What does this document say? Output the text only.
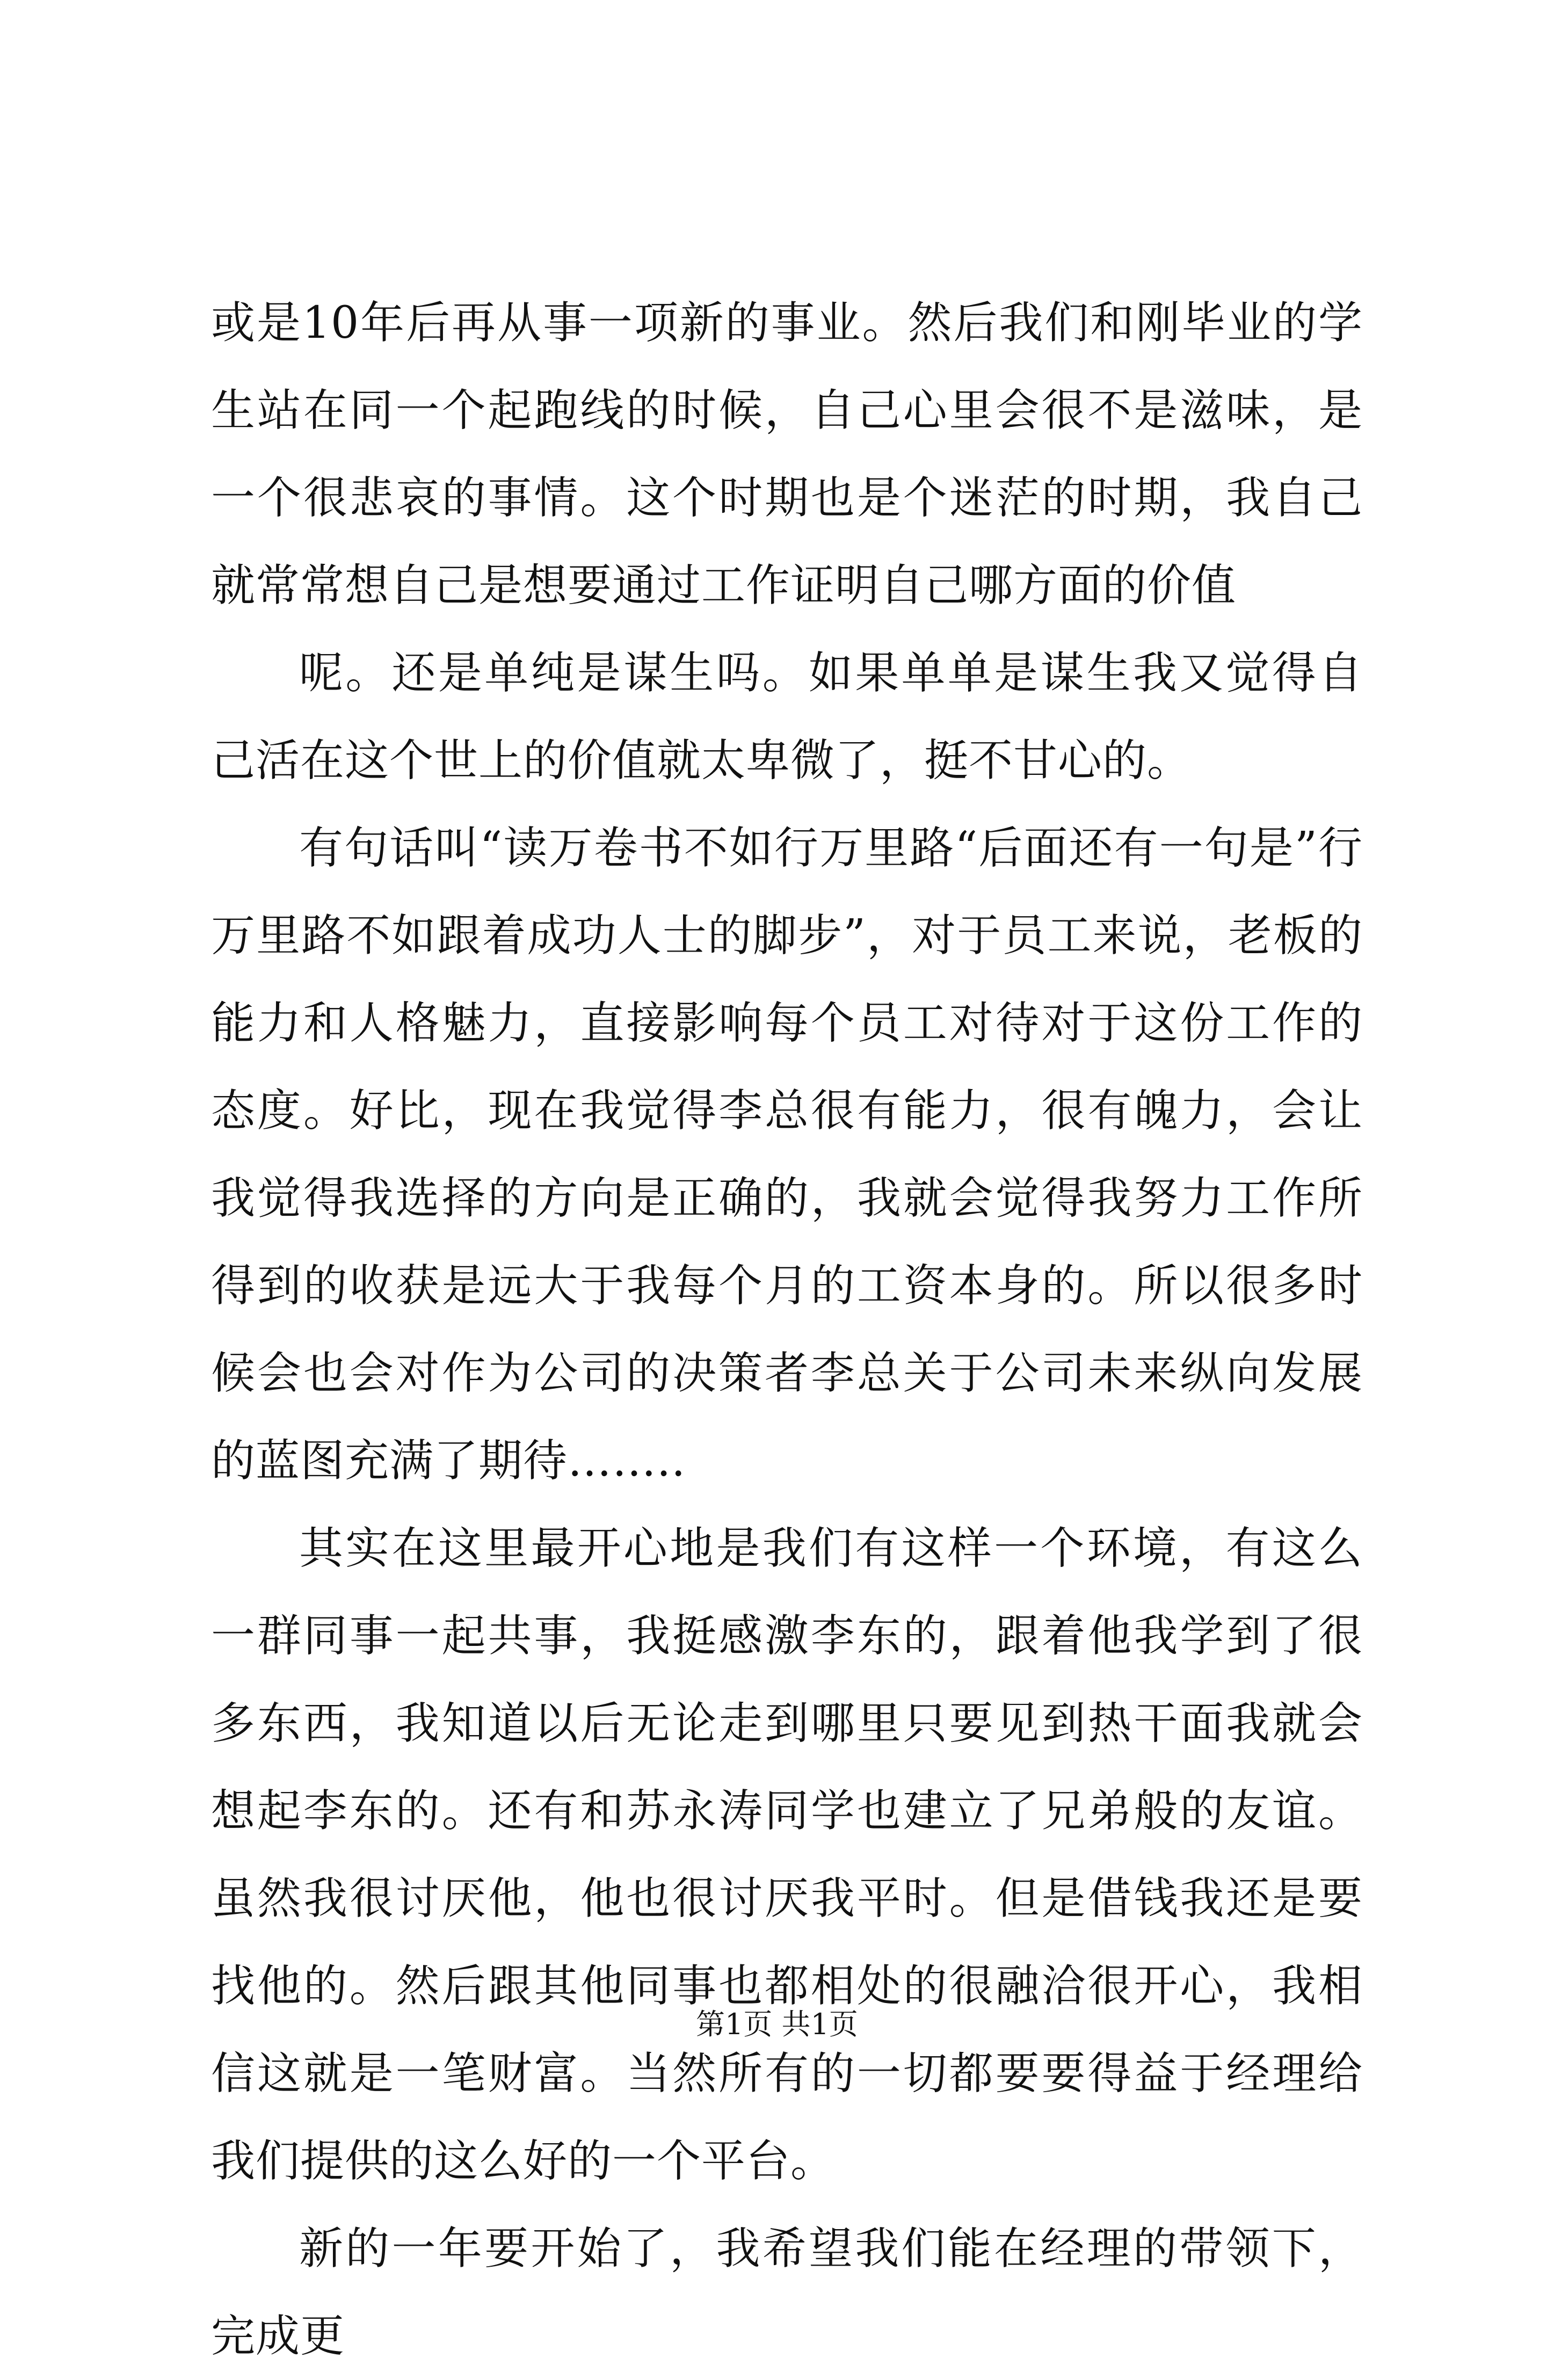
或是10年后再从事一项新的事业。然后我们和刚毕业的学生站在同一个起跑线的时候，自己心里会很不是滋味，是一个很悲哀的事情。这个时期也是个迷茫的时期，我自己就常常想自己是想要通过工作证明自己哪方面的价值

呢。还是单纯是谋生吗。如果单单是谋生我又觉得自己活在这个世上的价值就太卑微了，挺不甘心的。

有句话叫“读万卷书不如行万里路“后面还有一句是”行万里路不如跟着成功人士的脚步”，对于员工来说，老板的能力和人格魅力，直接影响每个员工对待对于这份工作的态度。好比，现在我觉得李总很有能力，很有魄力，会让我觉得我选择的方向是正确的，我就会觉得我努力工作所得到的收获是远大于我每个月的工资本身的。所以很多时候会也会对作为公司的决策者李总关于公司未来纵向发展的蓝图充满了期待……..

其实在这里最开心地是我们有这样一个环境，有这么一群同事一起共事，我挺感激李东的，跟着他我学到了很多东西，我知道以后无论走到哪里只要见到热干面我就会想起李东的。还有和苏永涛同学也建立了兄弟般的友谊。虽然我很讨厌他，他也很讨厌我平时。但是借钱我还是要找他的。然后跟其他同事也都相处的很融洽很开心，我相信这就是一笔财富。当然所有的一切都要要得益于经理给我们提供的这么好的一个平台。

新的一年要开始了，我希望我们能在经理的带领下，完成更

第1页 共1页
